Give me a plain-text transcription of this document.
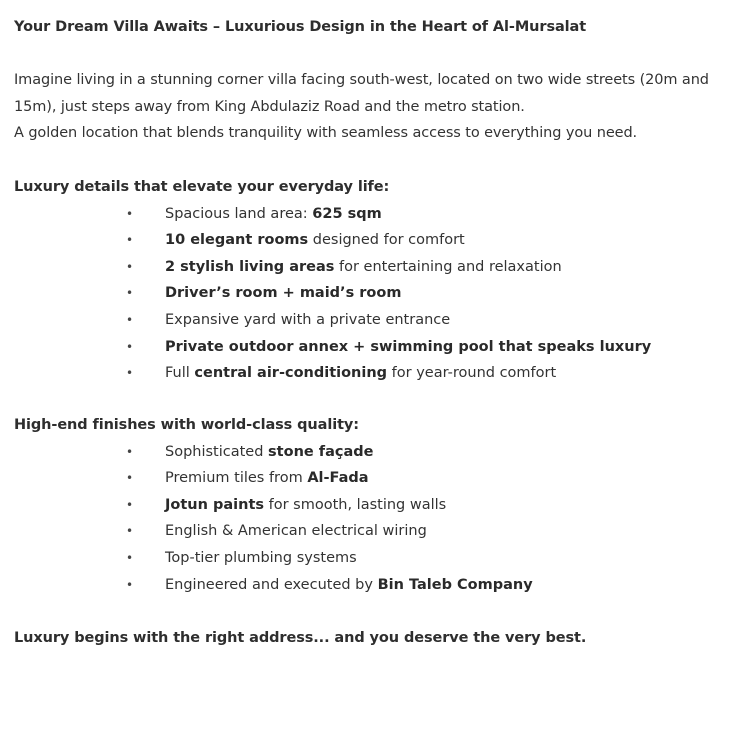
Your Dream Villa Awaits – Luxurious Design in the Heart of Al-Mursalat
Imagine living in a stunning corner villa facing south-west, located on two wide streets (20m and
15m), just steps away from King Abdulaziz Road and the metro station.
A golden location that blends tranquility with seamless access to everything you need.
Luxury details that elevate your everyday life:
• Spacious land area: 625 sqm
• 10 elegant rooms designed for comfort
• 2 stylish living areas for entertaining and relaxation
• Driver’s room + maid’s room
• Expansive yard with a private entrance
• Private outdoor annex + swimming pool that speaks luxury
• Full central air-conditioning for year-round comfort
High-end finishes with world-class quality:
• Sophisticated stone façade
• Premium tiles from Al-Fada
• Jotun paints for smooth, lasting walls
• English & American electrical wiring
• Top-tier plumbing systems
• Engineered and executed by Bin Taleb Company
Luxury begins with the right address... and you deserve the very best.
